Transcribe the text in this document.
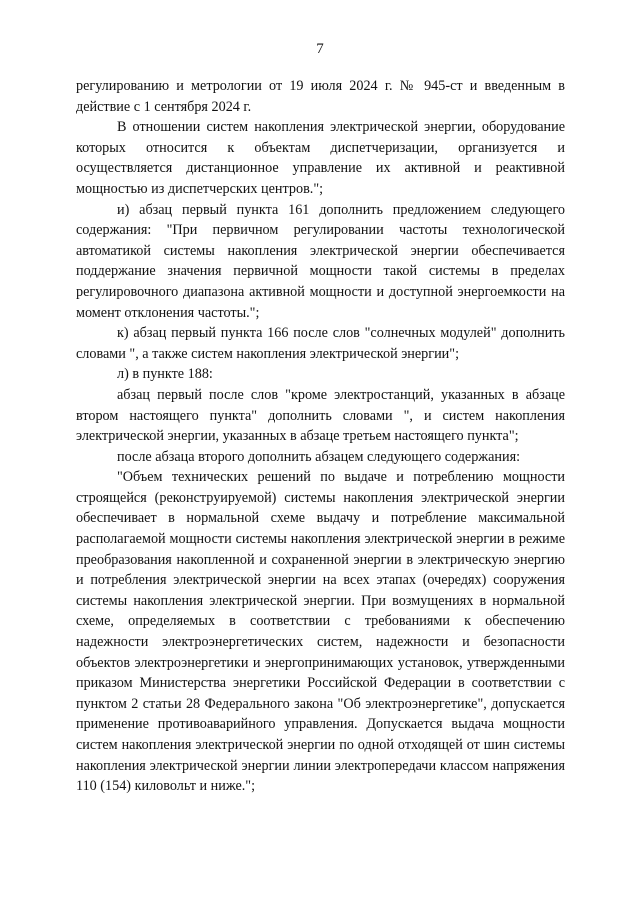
7

регулированию и метрологии от 19 июля 2024 г. № 945-ст и введенным в действие с 1 сентября 2024 г.

В отношении систем накопления электрической энергии, оборудование которых относится к объектам диспетчеризации, организуется и осуществляется дистанционное управление их активной и реактивной мощностью из диспетчерских центров.";

и) абзац первый пункта 161 дополнить предложением следующего содержания: "При первичном регулировании частоты технологической автоматикой системы накопления электрической энергии обеспечивается поддержание значения первичной мощности такой системы в пределах регулировочного диапазона активной мощности и доступной энергоемкости на момент отклонения частоты.";

к) абзац первый пункта 166 после слов "солнечных модулей" дополнить словами ", а также систем накопления электрической энергии";

л) в пункте 188:

абзац первый после слов "кроме электростанций, указанных в абзаце втором настоящего пункта" дополнить словами ", и систем накопления электрической энергии, указанных в абзаце третьем настоящего пункта";

после абзаца второго дополнить абзацем следующего содержания:

"Объем технических решений по выдаче и потреблению мощности строящейся (реконструируемой) системы накопления электрической энергии обеспечивает в нормальной схеме выдачу и потребление максимальной располагаемой мощности системы накопления электрической энергии в режиме преобразования накопленной и сохраненной энергии в электрическую энергию и потребления электрической энергии на всех этапах (очередях) сооружения системы накопления электрической энергии. При возмущениях в нормальной схеме, определяемых в соответствии с требованиями к обеспечению надежности электроэнергетических систем, надежности и безопасности объектов электроэнергетики и энергопринимающих установок, утвержденными приказом Министерства энергетики Российской Федерации в соответствии с пунктом 2 статьи 28 Федерального закона "Об электроэнергетике", допускается применение противоаварийного управления. Допускается выдача мощности систем накопления электрической энергии по одной отходящей от шин системы накопления электрической энергии линии электропередачи классом напряжения 110 (154) киловольт и ниже.";
